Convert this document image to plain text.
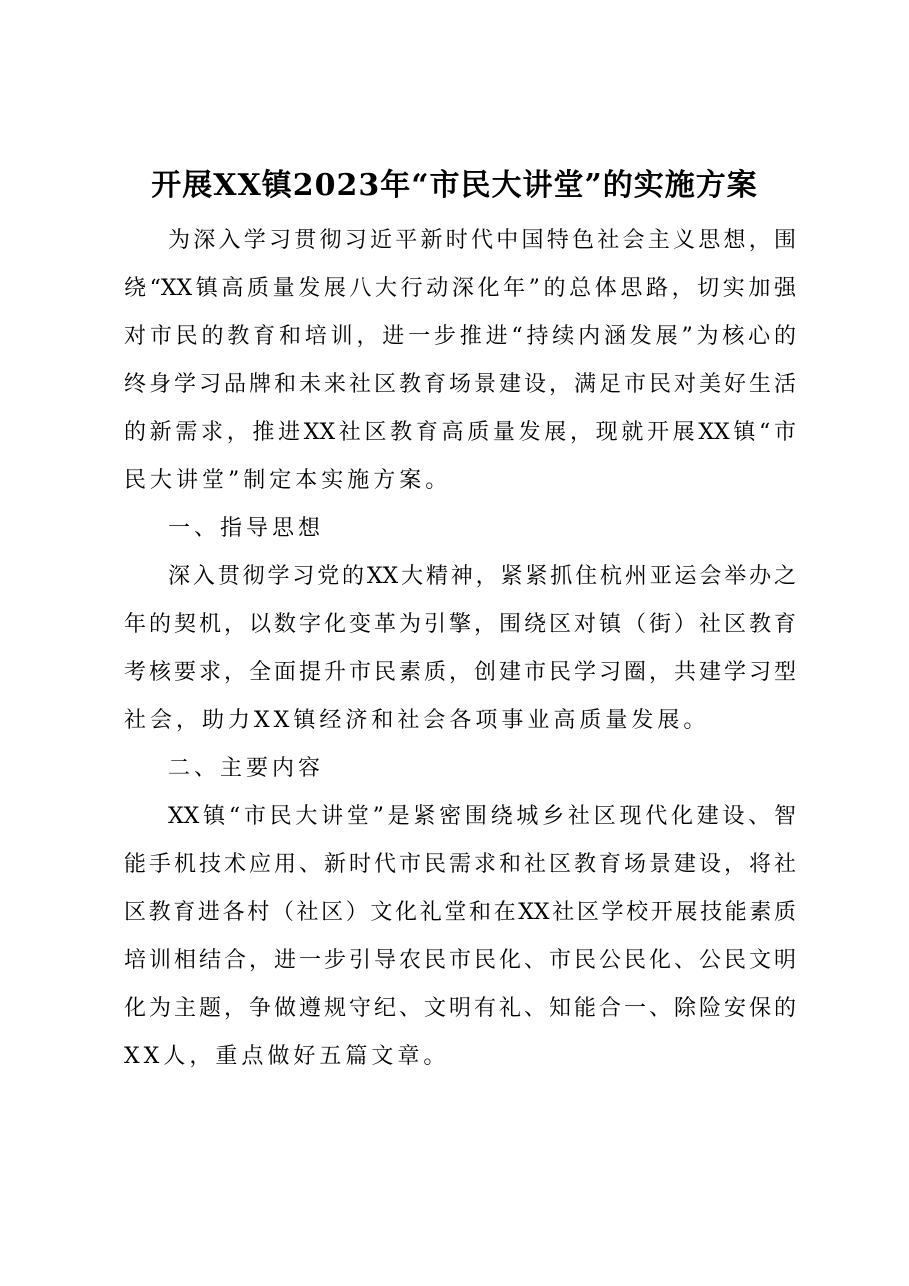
开展XX镇2023年“市民大讲堂”的实施方案
为深入学习贯彻习近平新时代中国特色社会主义思想，围
绕“XX镇高质量发展八大行动深化年”的总体思路，切实加强
对市民的教育和培训，进一步推进“持续内涵发展”为核心的
终身学习品牌和未来社区教育场景建设，满足市民对美好生活
的新需求，推进XX社区教育高质量发展，现就开展XX镇“市
民大讲堂”制定本实施方案。
一、指导思想
深入贯彻学习党的XX大精神，紧紧抓住杭州亚运会举办之
年的契机，以数字化变革为引擎，围绕区对镇（街）社区教育
考核要求，全面提升市民素质，创建市民学习圈，共建学习型
社会，助力XX镇经济和社会各项事业高质量发展。
二、主要内容
XX镇“市民大讲堂”是紧密围绕城乡社区现代化建设、智
能手机技术应用、新时代市民需求和社区教育场景建设，将社
区教育进各村（社区）文化礼堂和在XX社区学校开展技能素质
培训相结合，进一步引导农民市民化、市民公民化、公民文明
化为主题，争做遵规守纪、文明有礼、知能合一、除险安保的
XX人，重点做好五篇文章。
